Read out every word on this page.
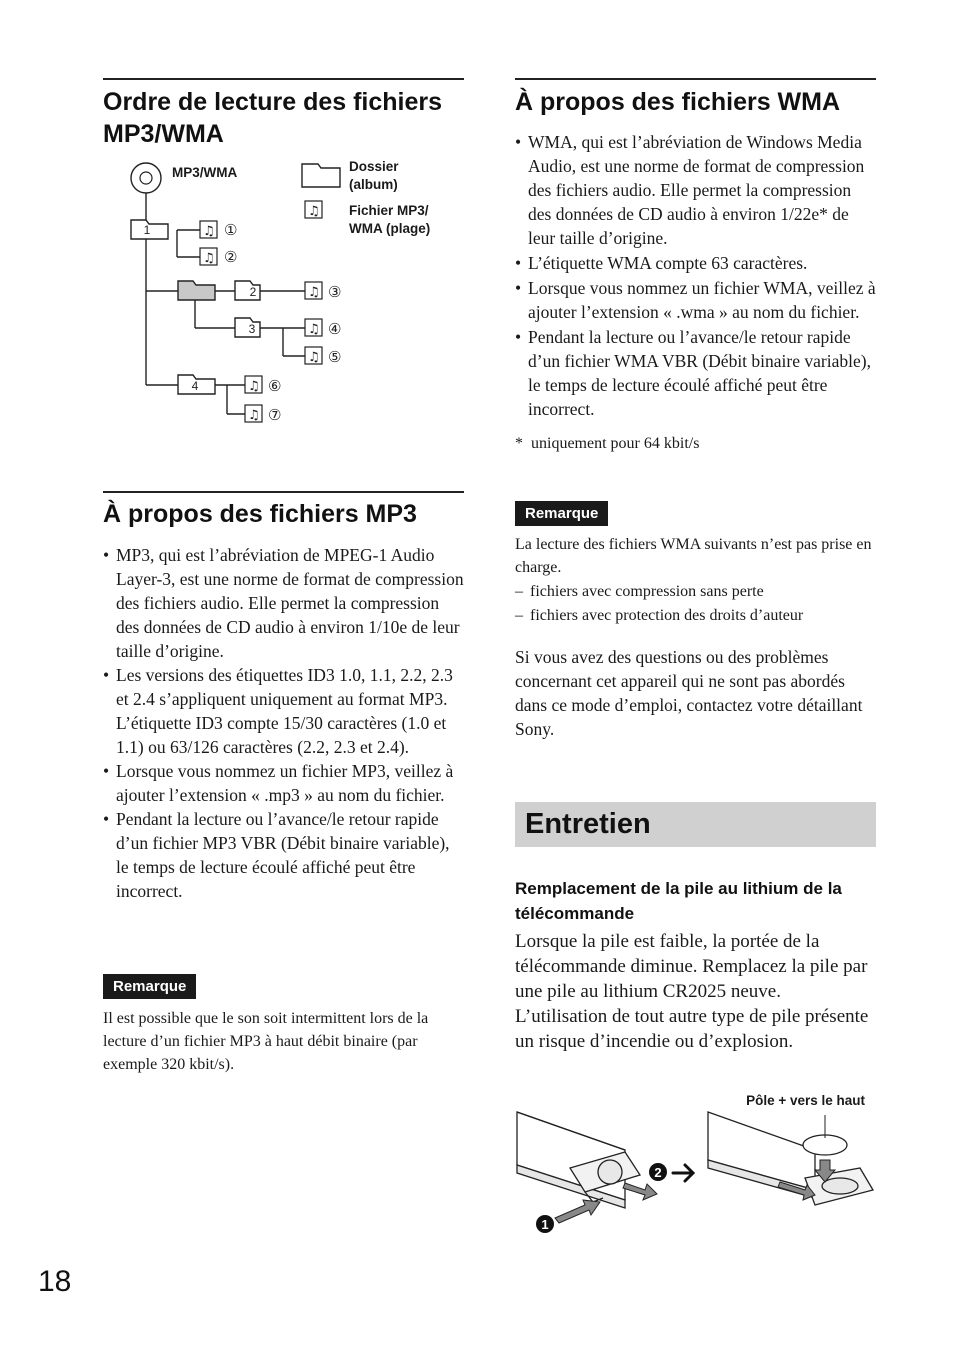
Ordre de lecture des fichiers MP3/WMA
1
2
3
4
♫
♫
♫
♫
♫
♫
♫
①
②
③
④
⑤
⑥
⑦
♫
MP3/WMA	Dossier (album)
Fichier MP3/ WMA (plage)
À propos des fichiers MP3
• MP3, qui est l’abréviation de MPEG-1 Audio Layer-3, est une norme de format de compression des fichiers audio. Elle permet la compression des données de CD audio à environ 1/10e de leur taille d’origine.
• Les versions des étiquettes ID3 1.0, 1.1, 2.2, 2.3 et 2.4 s’appliquent uniquement au format MP3. L’étiquette ID3 compte 15/30 caractères (1.0 et 1.1) ou 63/126 caractères (2.2, 2.3 et 2.4).
• Lorsque vous nommez un fichier MP3, veillez à ajouter l’extension « .mp3 » au nom du fichier.
• Pendant la lecture ou l’avance/le retour rapide d’un fichier MP3 VBR (Débit binaire variable), le temps de lecture écoulé affiché peut être incorrect.
Remarque
Il est possible que le son soit intermittent lors de la lecture d’un fichier MP3 à haut débit binaire (par exemple 320 kbit/s).
À propos des fichiers WMA
• WMA, qui est l’abréviation de Windows Media Audio, est une norme de format de compression des fichiers audio. Elle permet la compression des données de CD audio à environ 1/22e* de leur taille d’origine.
• L’étiquette WMA compte 63 caractères.
• Lorsque vous nommez un fichier WMA, veillez à ajouter l’extension « .wma » au nom du fichier.
• Pendant la lecture ou l’avance/le retour rapide d’un fichier WMA VBR (Débit binaire variable), le temps de lecture écoulé affiché peut être incorrect.
*  uniquement pour 64 kbit/s
Remarque
La lecture des fichiers WMA suivants n’est pas prise en charge.
– fichiers avec compression sans perte
– fichiers avec protection des droits d’auteur
Si vous avez des questions ou des problèmes concernant cet appareil qui ne sont pas abordés dans ce mode d’emploi, contactez votre détaillant Sony.
Entretien
Remplacement de la pile au lithium de la télécommande
Lorsque la pile est faible, la portée de la télécommande diminue. Remplacez la pile par une pile au lithium CR2025 neuve. L’utilisation de tout autre type de pile présente un risque d’incendie ou d’explosion.
1
2
Pôle + vers le haut
18
